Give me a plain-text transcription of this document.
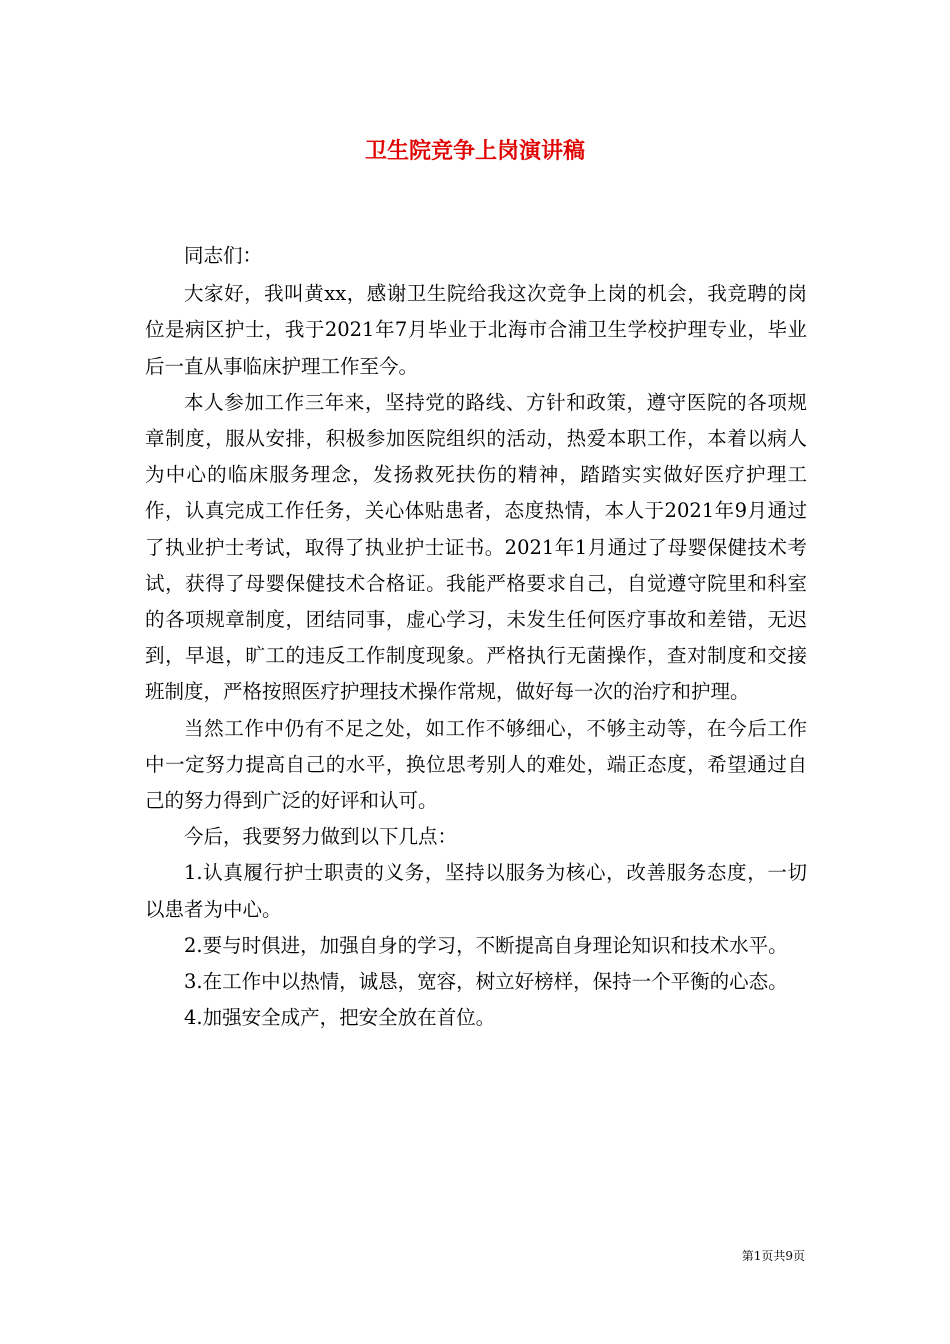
卫生院竞争上岗演讲稿

同志们：

大家好，我叫黄xx，感谢卫生院给我这次竞争上岗的机会，我竞聘的岗位是病区护士，我于2021年7月毕业于北海市合浦卫生学校护理专业，毕业后一直从事临床护理工作至今。

本人参加工作三年来，坚持党的路线、方针和政策，遵守医院的各项规章制度，服从安排，积极参加医院组织的活动，热爱本职工作，本着以病人为中心的临床服务理念，发扬救死扶伤的精神，踏踏实实做好医疗护理工作，认真完成工作任务，关心体贴患者，态度热情，本人于2021年9月通过了执业护士考试，取得了执业护士证书。2021年1月通过了母婴保健技术考试，获得了母婴保健技术合格证。我能严格要求自己，自觉遵守院里和科室的各项规章制度，团结同事，虚心学习，未发生任何医疗事故和差错，无迟到，早退，旷工的违反工作制度现象。严格执行无菌操作，查对制度和交接班制度，严格按照医疗护理技术操作常规，做好每一次的治疗和护理。

当然工作中仍有不足之处，如工作不够细心，不够主动等，在今后工作中一定努力提高自己的水平，换位思考别人的难处，端正态度，希望通过自己的努力得到广泛的好评和认可。

今后，我要努力做到以下几点：

1.认真履行护士职责的义务，坚持以服务为核心，改善服务态度，一切以患者为中心。

2.要与时俱进，加强自身的学习，不断提高自身理论知识和技术水平。

3.在工作中以热情，诚恳，宽容，树立好榜样，保持一个平衡的心态。

4.加强安全成产，把安全放在首位。

第1页共9页
